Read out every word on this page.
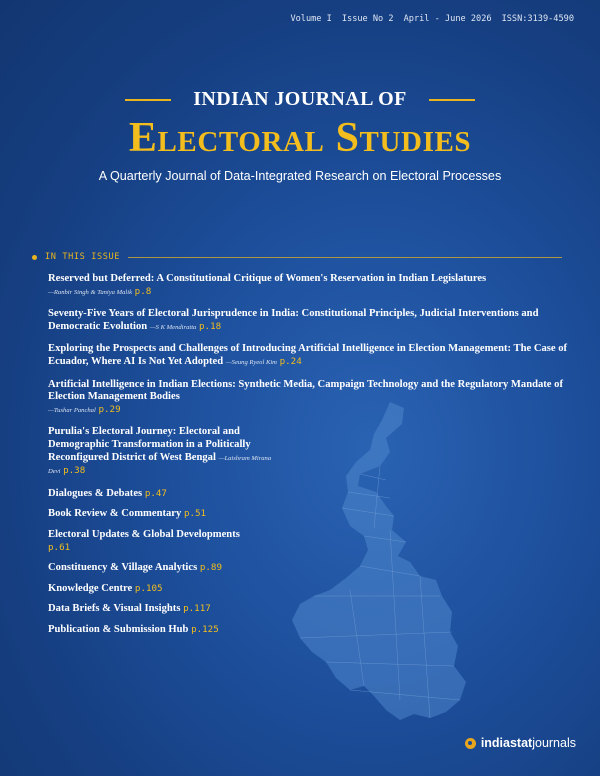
Volume I Issue No 2 April - June 2026 ISSN:3139-4590
INDIAN JOURNAL OF
Electoral Studies
A Quarterly Journal of Data-Integrated Research on Electoral Processes
IN THIS ISSUE
Reserved but Deferred: A Constitutional Critique of Women's Reservation in Indian Legislatures
—Ranbir Singh & Taniya Malik p.8
Seventy-Five Years of Electoral Jurisprudence in India: Constitutional Principles, Judicial Interventions and Democratic Evolution —S K Mendiratta p.18
Exploring the Prospects and Challenges of Introducing Artificial Intelligence in Election Management: The Case of Ecuador, Where AI Is Not Yet Adopted —Seung Ryeol Kim p.24
Artificial Intelligence in Indian Elections: Synthetic Media, Campaign Technology and the Regulatory Mandate of Election Management Bodies
—Tushar Panchal p.29
Purulia's Electoral Journey: Electoral and Demographic Transformation in a Politically Reconfigured District of West Bengal —Laishram Mirana Devi p.38
Dialogues & Debates p.47
Book Review & Commentary p.51
Electoral Updates & Global Developments
p.61
Constituency & Village Analytics p.89
Knowledge Centre p.105
Data Briefs & Visual Insights p.117
Publication & Submission Hub p.125
indiastatjournals
